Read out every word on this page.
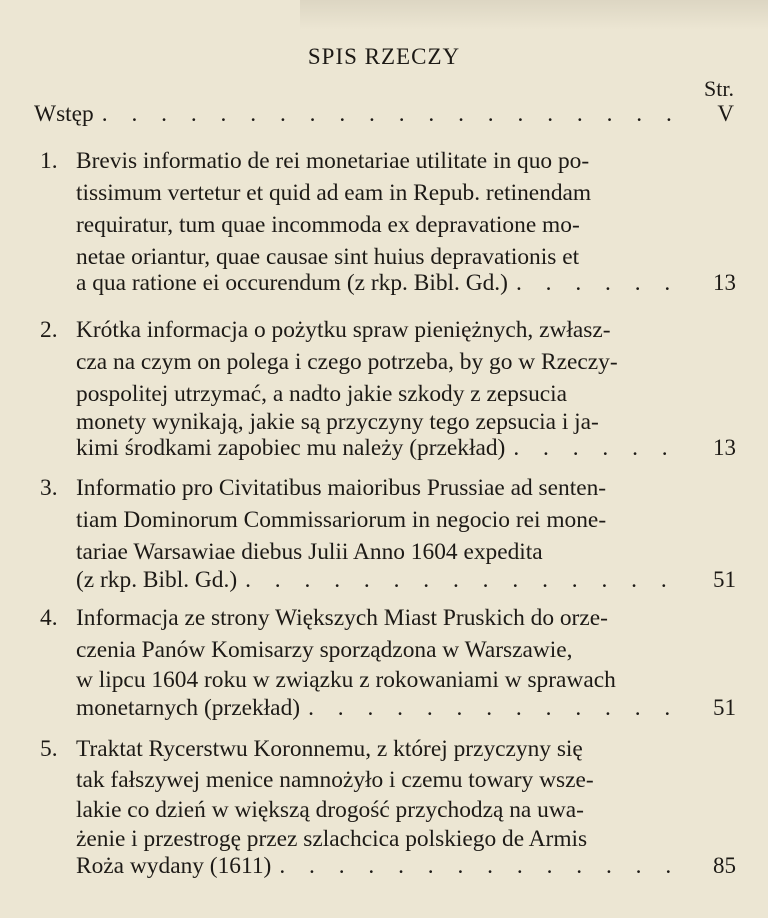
SPIS RZECZY
Str.
Wstęp . . .	V
1. Brevis informatio de rei monetariae utilitate in quo po-
tissimum vertetur et quid ad eam in Repub. retinendam
requiratur, tum quae incommoda ex depravatione mo-
netae oriantur, quae causae sint huius depravationis et
a qua ratione ei occurendum (z rkp. Bibl. Gd.) . . .	13
2. Krótka informacja o pożytku spraw pieniężnych, zwłasz-
cza na czym on polega i czego potrzeba, by go w Rzeczy-
pospolitej utrzymać, a nadto jakie szkody z zepsucia
monety wynikają, jakie są przyczyny tego zepsucia i ja-
kimi środkami zapobiec mu należy (przekład) . . .	13
3. Informatio pro Civitatibus maioribus Prussiae ad senten-
tiam Dominorum Commissariorum in negocio rei mone-
tariae Warsawiae diebus Julii Anno 1604 expedita
(z rkp. Bibl. Gd.) . . .	51
4. Informacja ze strony Większych Miast Pruskich do orze-
czenia Panów Komisarzy sporządzona w Warszawie,
w lipcu 1604 roku w związku z rokowaniami w sprawach
monetarnych (przekład) . . .	51
5. Traktat Rycerstwu Koronnemu, z której przyczyny się
tak fałszywej menice namnożyło i czemu towary wsze-
lakie co dzień w większą drogość przychodzą na uwa-
żenie i przestrogę przez szlachcica polskiego de Armis
Roża wydany (1611) . . .	85
